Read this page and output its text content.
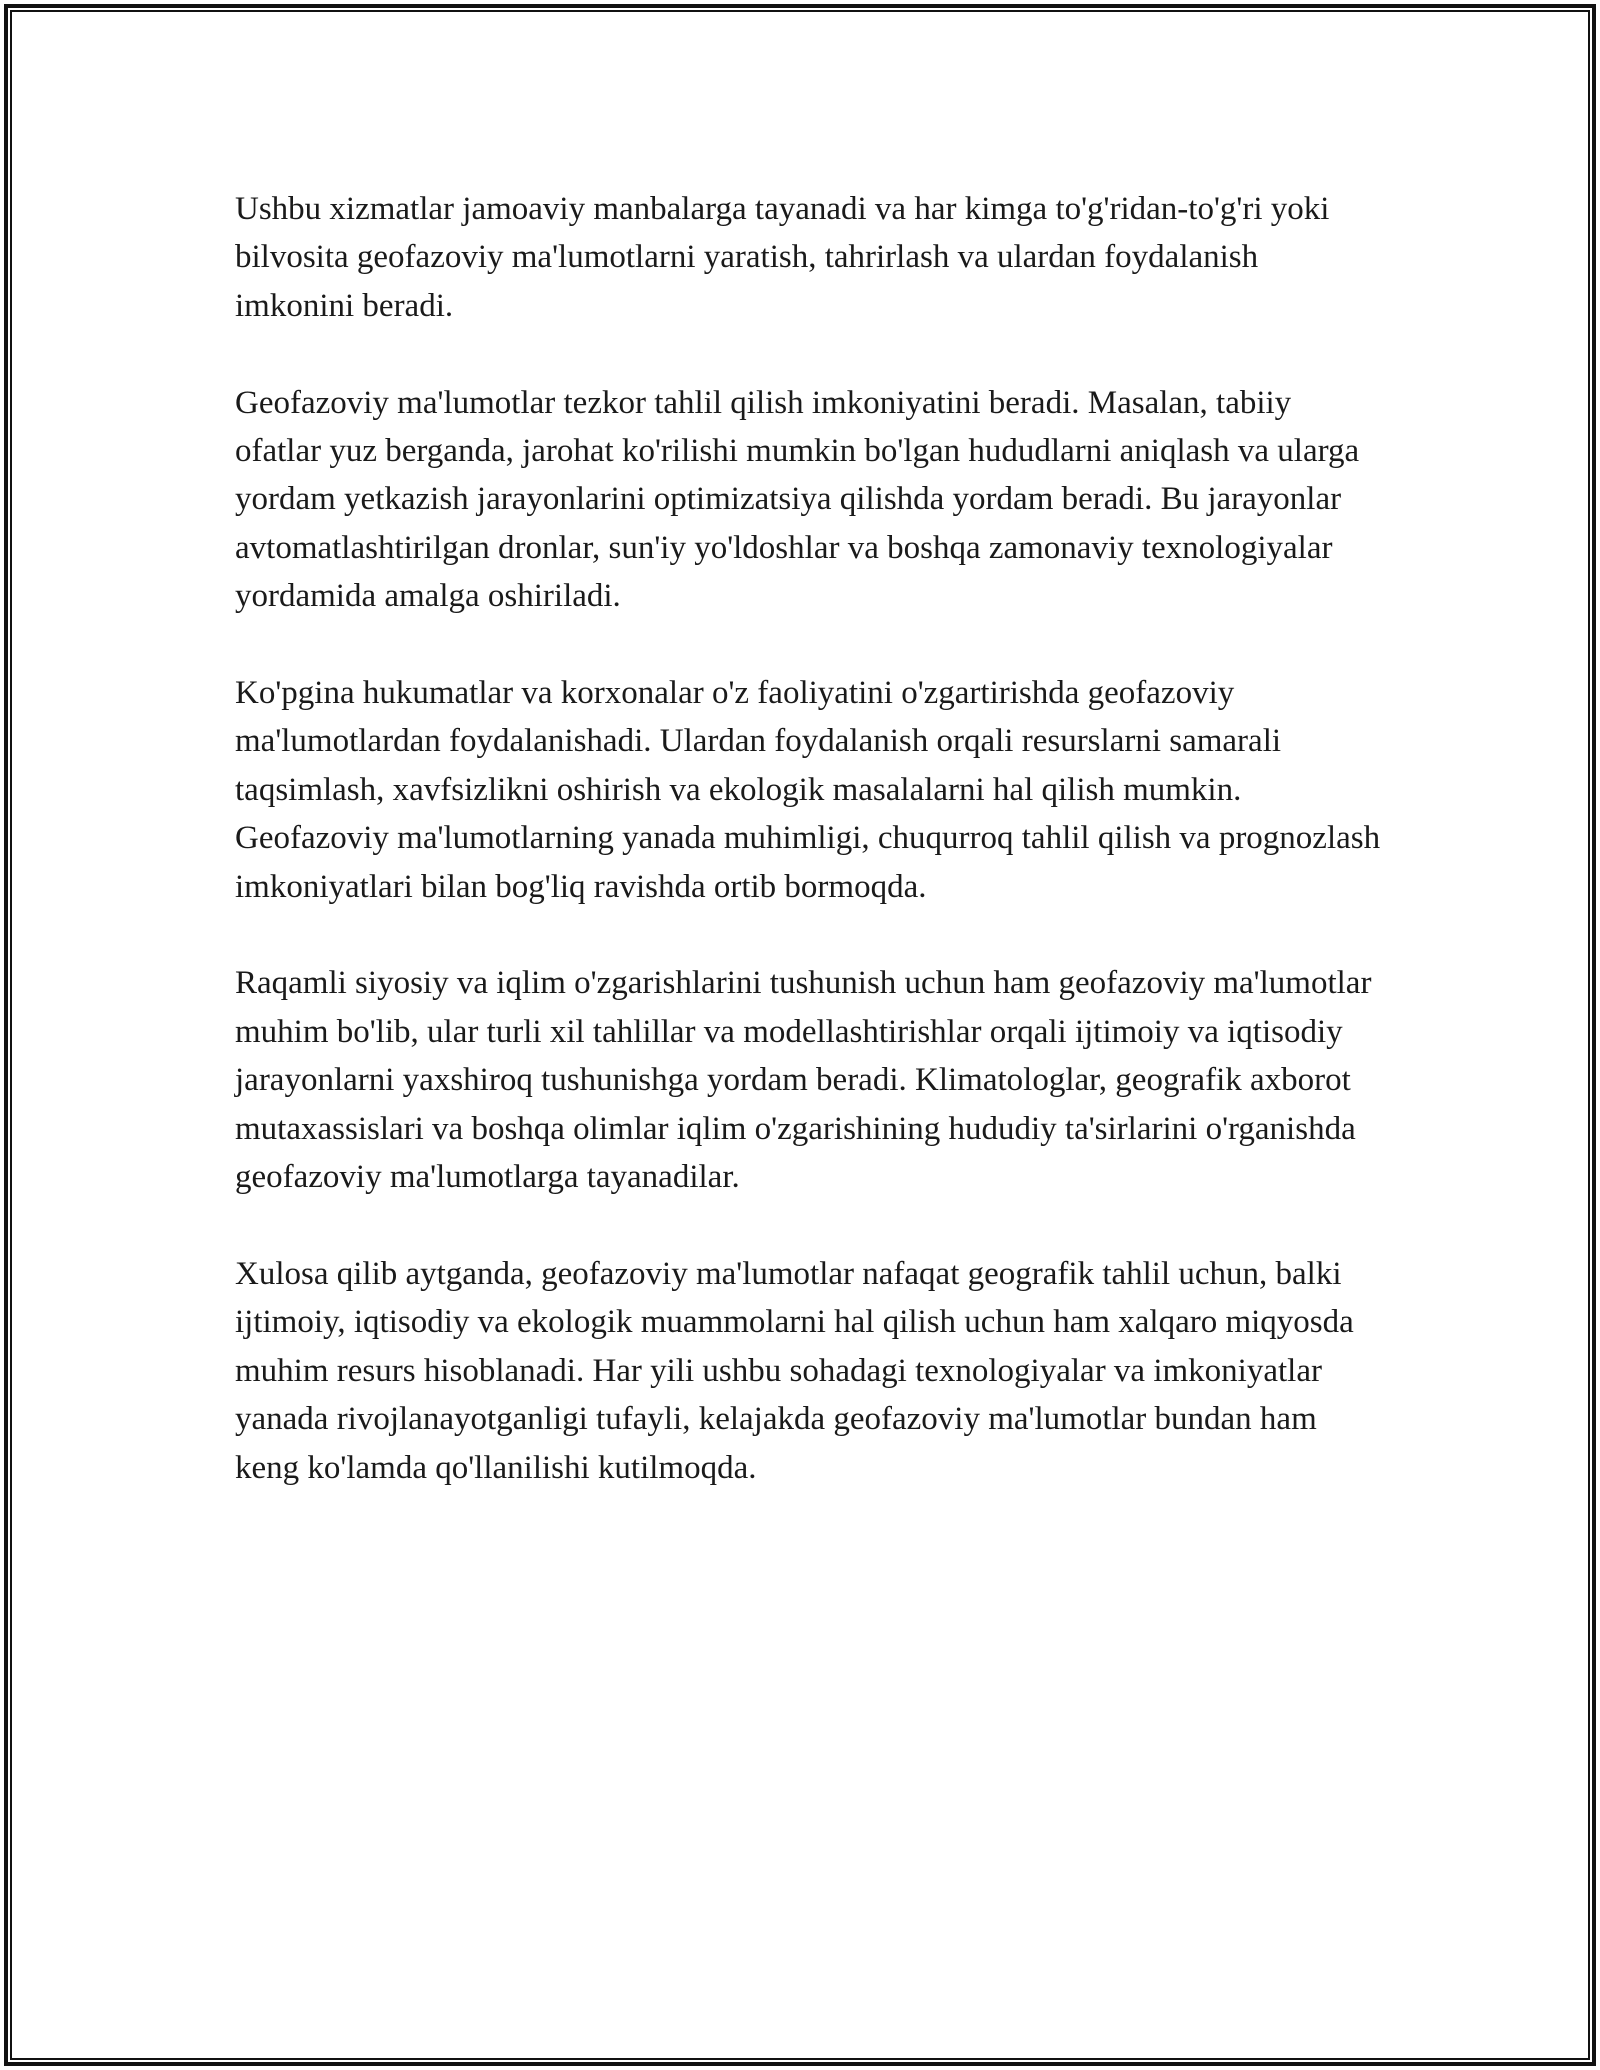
Ushbu xizmatlar jamoaviy manbalarga tayanadi va har kimga to'g'ridan-to'g'ri yoki bilvosita geofazoviy ma'lumotlarni yaratish, tahrirlash va ulardan foydalanish imkonini beradi.

Geofazoviy ma'lumotlar tezkor tahlil qilish imkoniyatini beradi. Masalan, tabiiy ofatlar yuz berganda, jarohat ko'rilishi mumkin bo'lgan hududlarni aniqlash va ularga yordam yetkazish jarayonlarini optimizatsiya qilishda yordam beradi. Bu jarayonlar avtomatlashtirilgan dronlar, sun'iy yo'ldoshlar va boshqa zamonaviy texnologiyalar yordamida amalga oshiriladi.

Ko'pgina hukumatlar va korxonalar o'z faoliyatini o'zgartirishda geofazoviy ma'lumotlardan foydalanishadi. Ulardan foydalanish orqali resurslarni samarali taqsimlash, xavfsizlikni oshirish va ekologik masalalarni hal qilish mumkin. Geofazoviy ma'lumotlarning yanada muhimligi, chuqurroq tahlil qilish va prognozlash imkoniyatlari bilan bog'liq ravishda ortib bormoqda.

Raqamli siyosiy va iqlim o'zgarishlarini tushunish uchun ham geofazoviy ma'lumotlar muhim bo'lib, ular turli xil tahlillar va modellashtirishlar orqali ijtimoiy va iqtisodiy jarayonlarni yaxshiroq tushunishga yordam beradi. Klimatologlar, geografik axborot mutaxassislari va boshqa olimlar iqlim o'zgarishining hududiy ta'sirlarini o'rganishda geofazoviy ma'lumotlarga tayanadilar.

Xulosa qilib aytganda, geofazoviy ma'lumotlar nafaqat geografik tahlil uchun, balki ijtimoiy, iqtisodiy va ekologik muammolarni hal qilish uchun ham xalqaro miqyosda muhim resurs hisoblanadi. Har yili ushbu sohadagi texnologiyalar va imkoniyatlar yanada rivojlanayotganligi tufayli, kelajakda geofazoviy ma'lumotlar bundan ham keng ko'lamda qo'llanilishi kutilmoqda.
